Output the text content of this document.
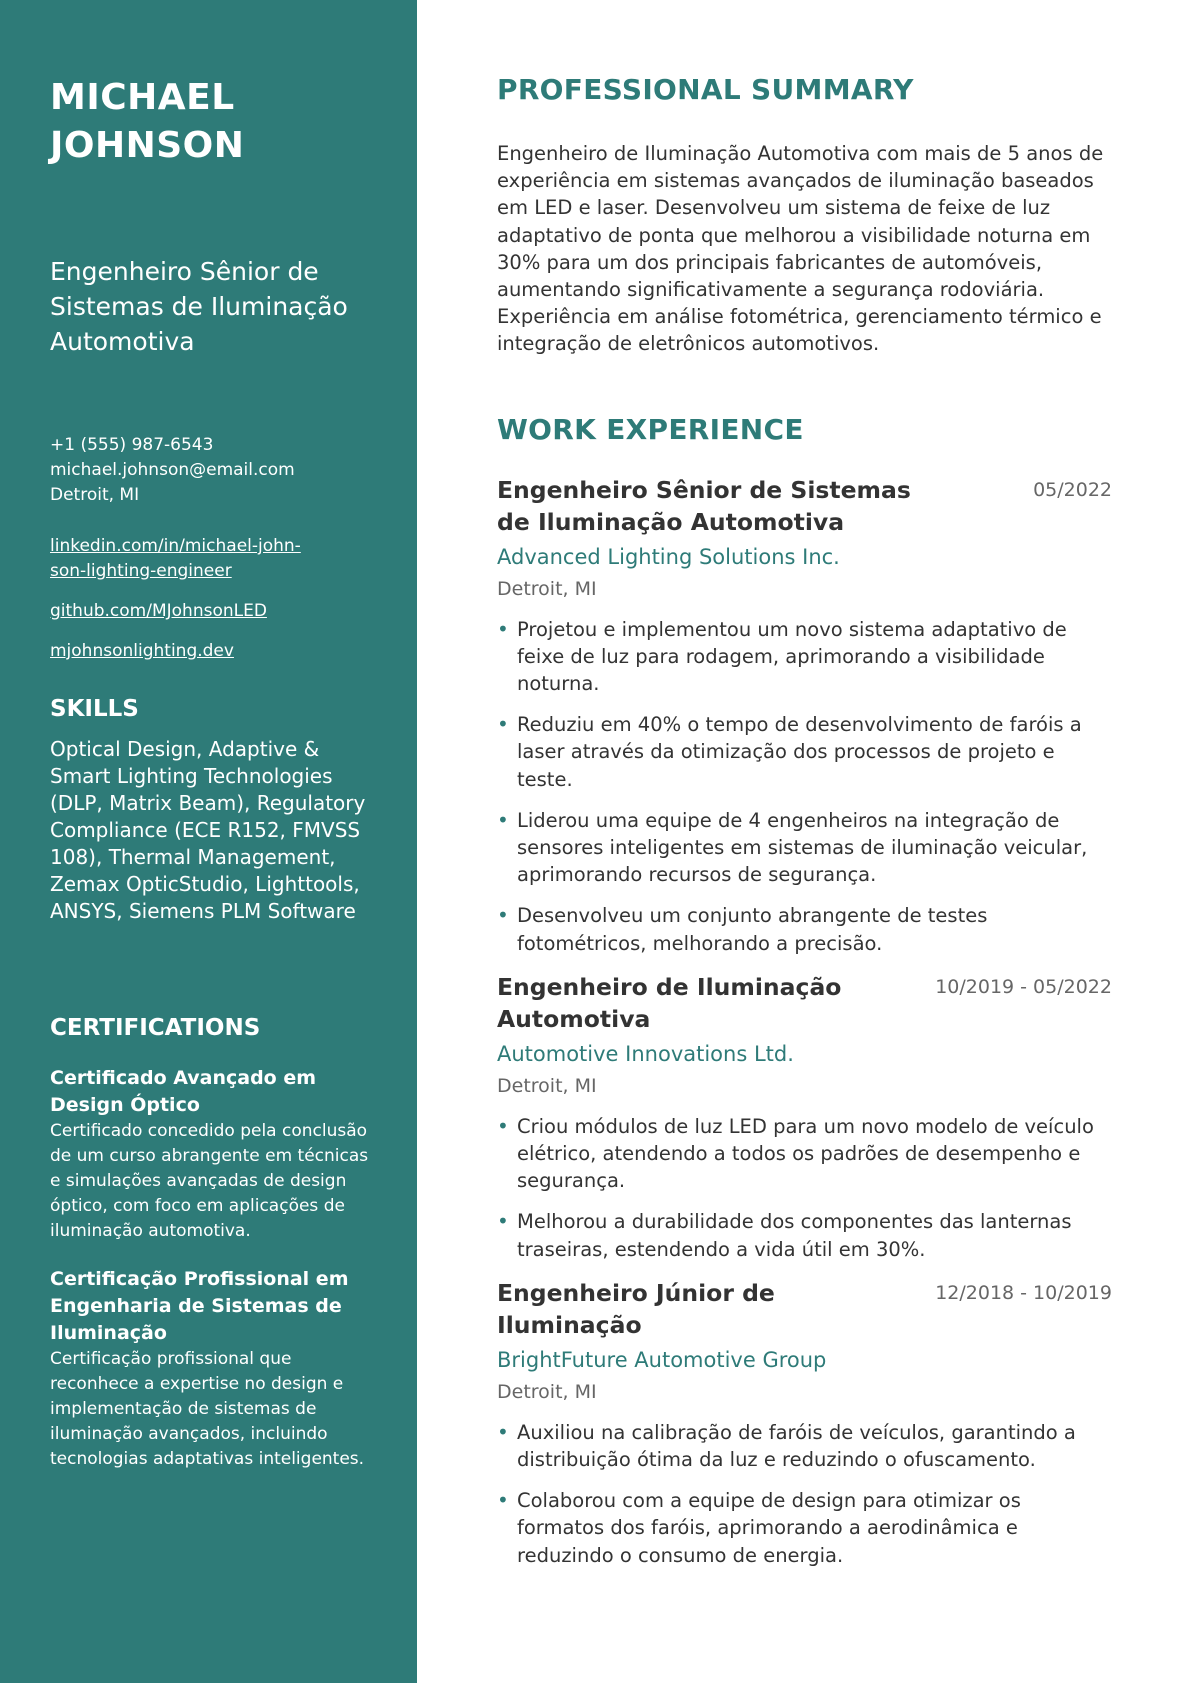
MICHAEL
JOHNSON
Engenheiro Sênior de Sistemas de Iluminação Automotiva
+1 (555) 987-6543
michael.johnson@email.com
Detroit, MI
linkedin.com/in/michael-john-son-lighting-engineer
github.com/MJohnsonLED
mjohnsonlighting.dev
SKILLS
Optical Design, Adaptive & Smart Lighting Technologies (DLP, Matrix Beam), Regulatory Compliance (ECE R152, FMVSS 108), Thermal Management, Zemax OpticStudio, Lighttools, ANSYS, Siemens PLM Software
CERTIFICATIONS
Certificado Avançado em Design Óptico
Certificado concedido pela conclusão de um curso abrangente em técnicas e simulações avançadas de design óptico, com foco em aplicações de iluminação automotiva.
Certificação Profissional em Engenharia de Sistemas de Iluminação
Certificação profissional que reconhece a expertise no design e implementação de sistemas de iluminação avançados, incluindo tecnologias adaptativas inteligentes.
PROFESSIONAL SUMMARY
Engenheiro de Iluminação Automotiva com mais de 5 anos de experiência em sistemas avançados de iluminação baseados em LED e laser. Desenvolveu um sistema de feixe de luz adaptativo de ponta que melhorou a visibilidade noturna em 30% para um dos principais fabricantes de automóveis, aumentando significativamente a segurança rodoviária. Experiência em análise fotométrica, gerenciamento térmico e integração de eletrônicos automotivos.
WORK EXPERIENCE
Engenheiro Sênior de Sistemas de Iluminação Automotiva
05/2022
Advanced Lighting Solutions Inc.
Detroit, MI
• Projetou e implementou um novo sistema adaptativo de feixe de luz para rodagem, aprimorando a visibilidade noturna.
• Reduziu em 40% o tempo de desenvolvimento de faróis a laser através da otimização dos processos de projeto e teste.
• Liderou uma equipe de 4 engenheiros na integração de sensores inteligentes em sistemas de iluminação veicular, aprimorando recursos de segurança.
• Desenvolveu um conjunto abrangente de testes fotométricos, melhorando a precisão.
Engenheiro de Iluminação Automotiva
10/2019 - 05/2022
Automotive Innovations Ltd.
Detroit, MI
• Criou módulos de luz LED para um novo modelo de veículo elétrico, atendendo a todos os padrões de desempenho e segurança.
• Melhorou a durabilidade dos componentes das lanternas traseiras, estendendo a vida útil em 30%.
Engenheiro Júnior de Iluminação
12/2018 - 10/2019
BrightFuture Automotive Group
Detroit, MI
• Auxiliou na calibração de faróis de veículos, garantindo a distribuição ótima da luz e reduzindo o ofuscamento.
• Colaborou com a equipe de design para otimizar os formatos dos faróis, aprimorando a aerodinâmica e reduzindo o consumo de energia.
